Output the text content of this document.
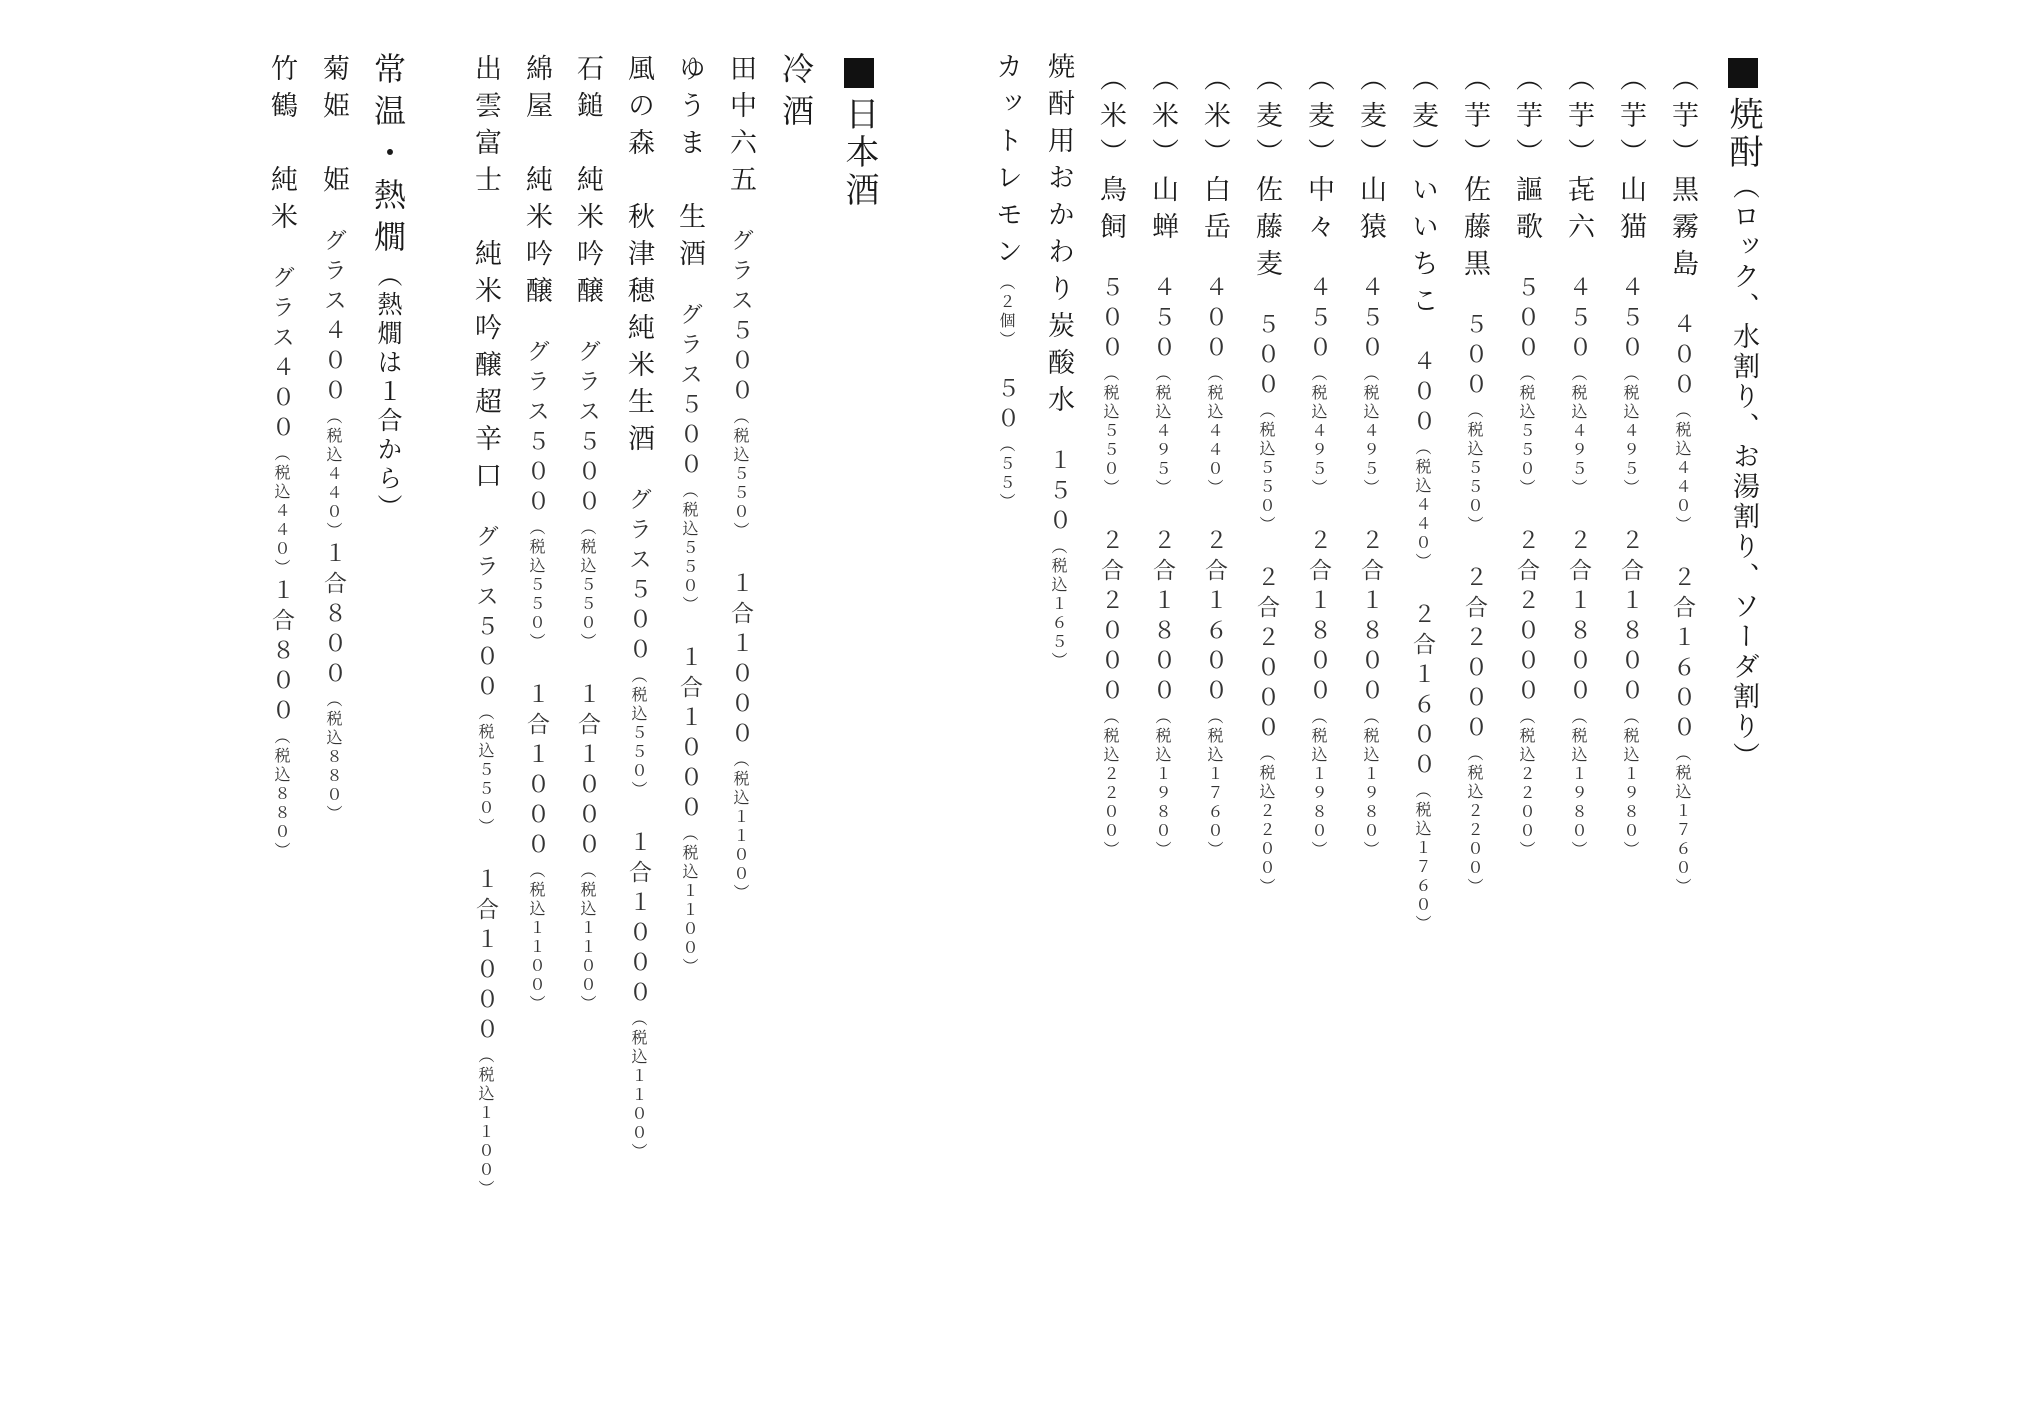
焼酎（ロック、水割り、お湯割り、ソーダ割り）
（芋）黒霧島４００（税込４４０）２合１６００（税込１７６０）
（芋）山猫４５０（税込４９５）２合１８００（税込１９８０）
（芋）㐂六４５０（税込４９５）２合１８００（税込１９８０）
（芋）謳歌５００（税込５５０）２合２０００（税込２２００）
（芋）佐藤黒５００（税込５５０）２合２０００（税込２２００）
（麦）いいちこ４００（税込４４０）２合１６００（税込１７６０）
（麦）山猿４５０（税込４９５）２合１８００（税込１９８０）
（麦）中々４５０（税込４９５）２合１８００（税込１９８０）
（麦）佐藤麦５００（税込５５０）２合２０００（税込２２００）
（米）白岳４００（税込４４０）２合１６００（税込１７６０）
（米）山蝉４５０（税込４９５）２合１８００（税込１９８０）
（米）鳥飼５００（税込５５０）２合２０００（税込２２００）
焼酎用おかわり炭酸水１５０（税込１６５）
カットレモン（２個）５０（５５）
日本酒
冷酒
田中六五グラス５００（税込５５０）１合１０００（税込１１００）
ゆうま　生酒グラス５００（税込５５０）１合１０００（税込１１００）
風の森　秋津穂純米生酒グラス５００（税込５５０）１合１０００（税込１１００）
石鎚　純米吟醸グラス５００（税込５５０）１合１０００（税込１１００）
綿屋　純米吟醸グラス５００（税込５５０）１合１０００（税込１１００）
出雲富士　純米吟醸超辛口グラス５００（税込５５０）１合１０００（税込１１００）
常温・熱燗（熱燗は１合から）
菊姫　姫グラス４００（税込４４０）１合８００（税込８８０）
竹鶴　純米グラス４００（税込４４０）１合８００（税込８８０）
